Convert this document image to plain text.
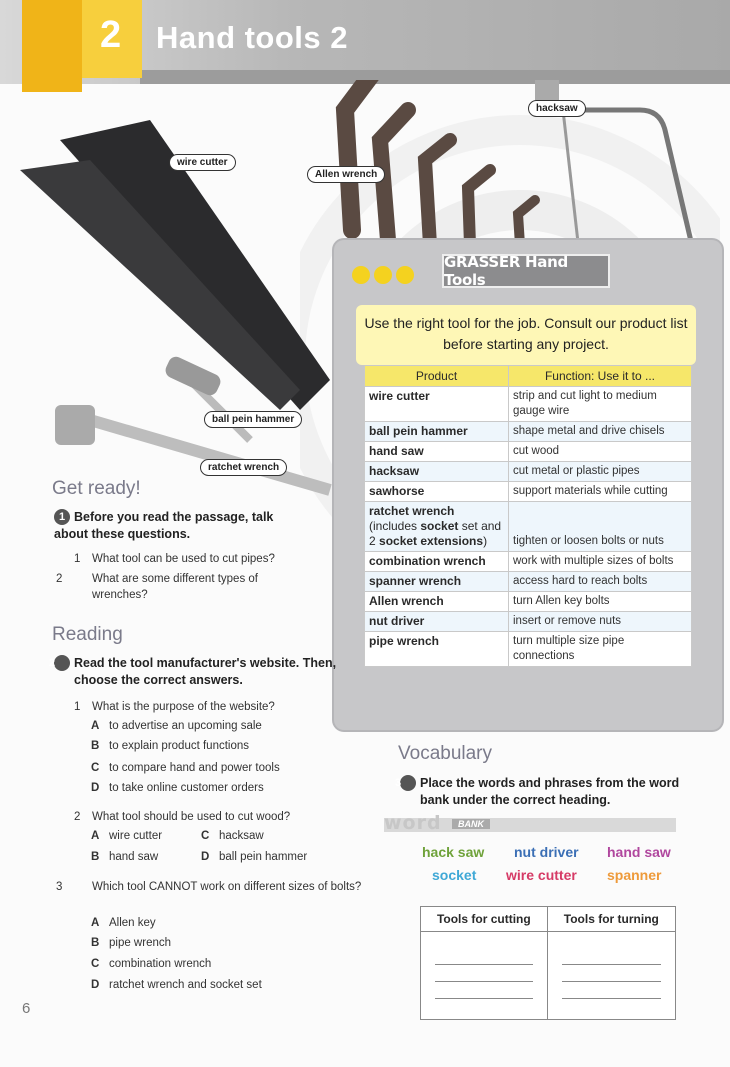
2 Hand tools 2
hacksaw
wire cutter
Allen wrench
ball pein hammer
ratchet wrench
GRASSER Hand Tools
Use the right tool for the job. Consult our product list before starting any project.
Product	Function: Use it to ...
wire cutter	strip and cut light to medium gauge wire
ball pein hammer	shape metal and drive chisels
hand saw	cut wood
hacksaw	cut metal or plastic pipes
sawhorse	support materials while cutting
ratchet wrench
(includes socket set and 2 socket extensions)	tighten or loosen bolts or nuts
combination wrench	work with multiple sizes of bolts
spanner wrench	access hard to reach bolts
Allen wrench	turn Allen key bolts
nut driver	insert or remove nuts
pipe wrench	turn multiple size pipe connections
Get ready!
1 Before you read the passage, talk about these questions.
1 What tool can be used to cut pipes?
2	What are some different types of wrenches?
Reading
2 Read the tool manufacturer's website. Then, choose the correct answers.
1 What is the purpose of the website?
A to advertise an upcoming sale
B to explain product functions
C to compare hand and power tools
D to take online customer orders
2 What tool should be used to cut wood?
A wire cutter	C hacksaw
B hand saw	D ball pein hammer
3	Which tool CANNOT work on different sizes of bolts?
A Allen key
B pipe wrench
C combination wrench
D ratchet wrench and socket set
Vocabulary
3 Place the words and phrases from the word bank under the correct heading.
word	BANK
hack saw nut driver hand saw
socket wire cutter spanner
Tools for cutting	Tools for turning

6
